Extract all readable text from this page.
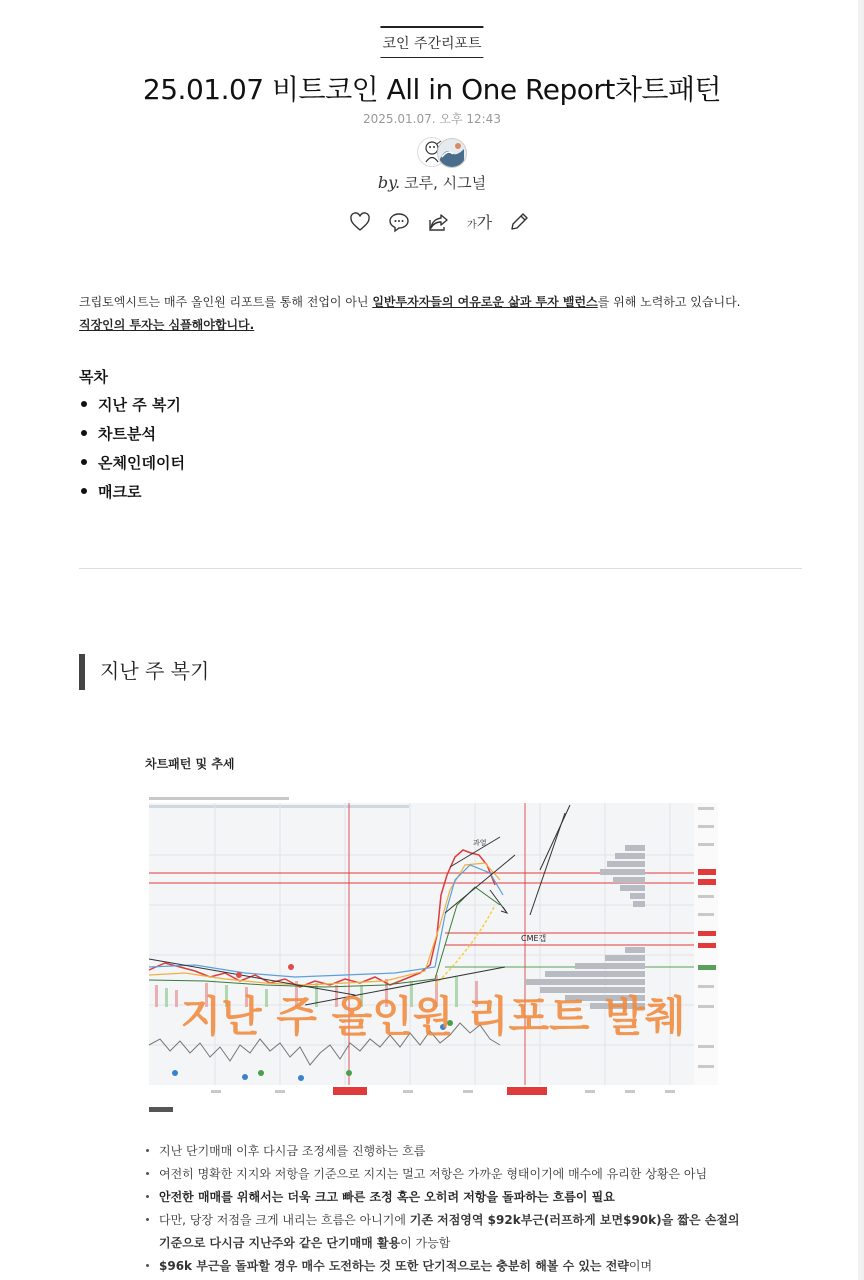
코인 주간리포트
25.01.07 비트코인 All in One Report차트패턴
2025.01.07. 오후 12:43
by. 코루, 시그널
가가
크립토엑시트는 매주 올인원 리포트를 통해 전업이 아닌 일반투자자들의 여유로운 삶과 투자 밸런스를 위해 노력하고 있습니다.
직장인의 투자는 심플해야합니다.
목차
지난 주 복기
차트분석
온체인데이터
매크로
지난 주 복기
차트패턴 및 추세
CME갭
과열
지난 주 올인원 리포트 발췌
지난 단기매매 이후 다시금 조정세를 진행하는 흐름
여전히 명확한 지지와 저항을 기준으로 지지는 멀고 저항은 가까운 형태이기에 매수에 유리한 상황은 아님
안전한 매매를 위해서는 더욱 크고 빠른 조정 혹은 오히려 저항을 돌파하는 흐름이 필요
다만, 당장 저점을 크게 내리는 흐름은 아니기에 기존 저점영역 $92k부근(러프하게 보면$90k)을 짧은 손절의 기준으로 다시금 지난주와 같은 단기매매 활용이 가능함
$96k 부근을 돌파할 경우 매수 도전하는 것 또한 단기적으로는 충분히 해볼 수 있는 전략이며
